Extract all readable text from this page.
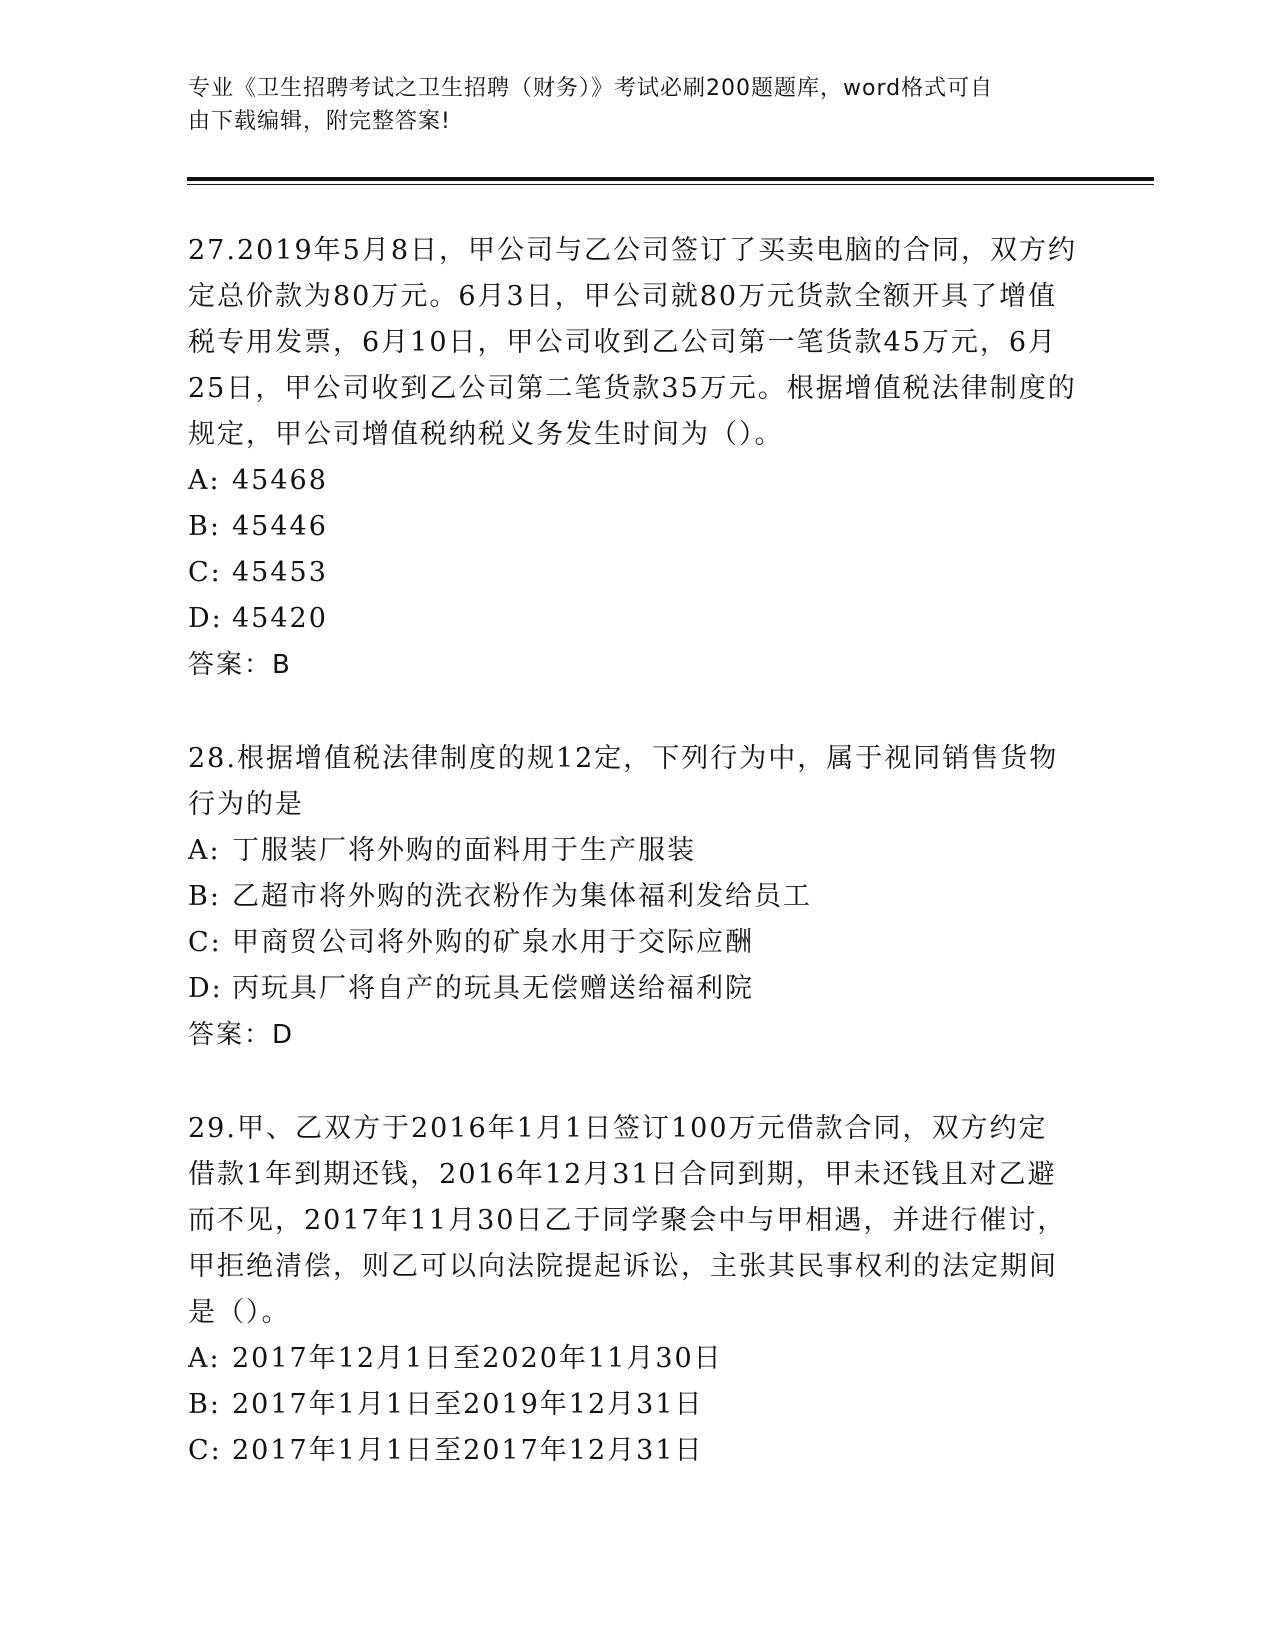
专业《卫生招聘考试之卫生招聘（财务）》考试必刷200题题库，word格式可自
由下载编辑，附完整答案!

27.2019年5月8日，甲公司与乙公司签订了买卖电脑的合同，双方约

定总价款为80万元。6月3日，甲公司就80万元货款全额开具了增值

税专用发票，6月10日，甲公司收到乙公司第一笔货款45万元，6月

25日，甲公司收到乙公司第二笔货款35万元。根据增值税法律制度的

规定，甲公司增值税纳税义务发生时间为（）。

A: 45468
B: 45446
C: 45453
D: 45420

答案：B

28.根据增值税法律制度的规12定，下列行为中，属于视同销售货物

行为的是

A: 丁服装厂将外购的面料用于生产服装
B: 乙超市将外购的洗衣粉作为集体福利发给员工
C: 甲商贸公司将外购的矿泉水用于交际应酬
D: 丙玩具厂将自产的玩具无偿赠送给福利院

答案：D

29.甲、乙双方于2016年1月1日签订100万元借款合同，双方约定

借款1年到期还钱，2016年12月31日合同到期，甲未还钱且对乙避

而不见，2017年11月30日乙于同学聚会中与甲相遇，并进行催讨，

甲拒绝清偿，则乙可以向法院提起诉讼，主张其民事权利的法定期间

是（）。

A: 2017年12月1日至2020年11月30日
B: 2017年1月1日至2019年12月31日
C: 2017年1月1日至2017年12月31日
